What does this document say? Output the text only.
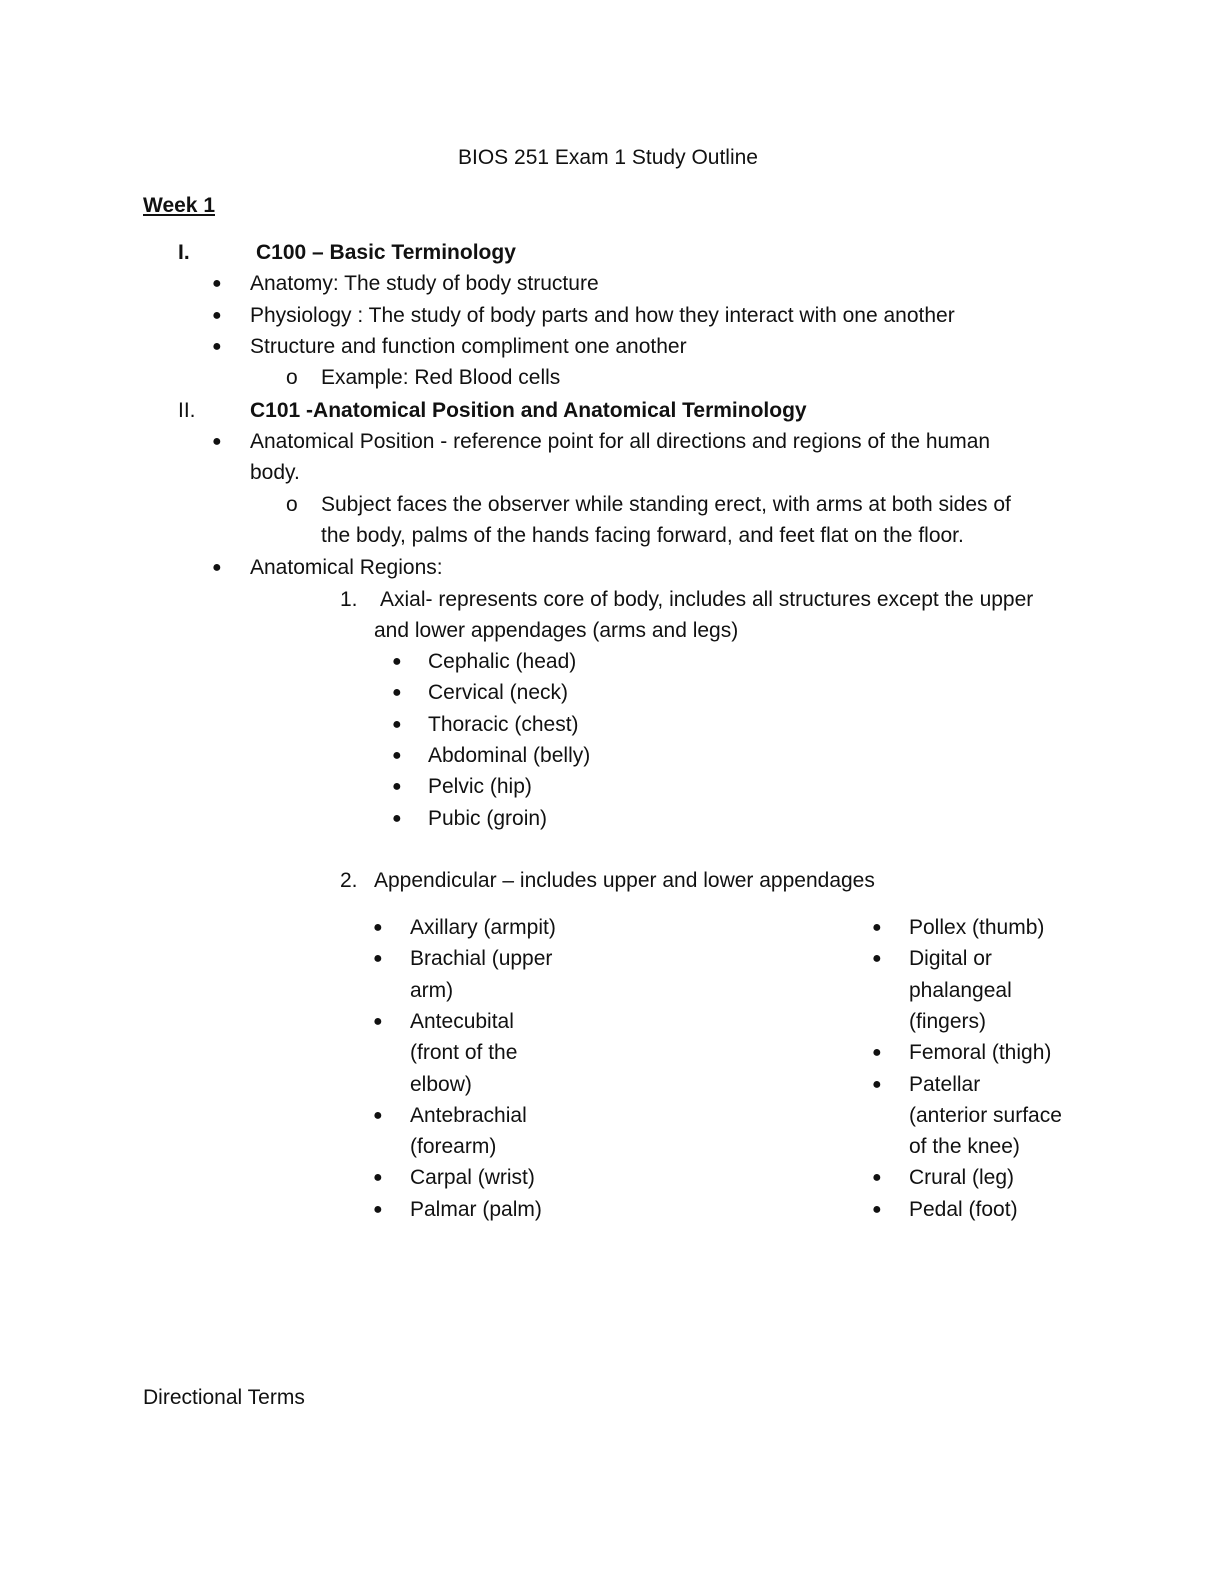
BIOS 251 Exam 1 Study Outline
Week 1
I.	C100 – Basic Terminology
● Anatomy: The study of body structure
● Physiology : The study of body parts and how they interact with one another
● Structure and function compliment one another
o Example: Red Blood cells
II.	C101 -Anatomical Position and Anatomical Terminology
● Anatomical Position - reference point for all directions and regions of the human
body.
o Subject faces the observer while standing erect, with arms at both sides of
the body, palms of the hands facing forward, and feet flat on the floor.
● Anatomical Regions:
1. Axial- represents core of body, includes all structures except the upper
and lower appendages (arms and legs)
● Cephalic (head)
● Cervical (neck)
● Thoracic (chest)
● Abdominal (belly)
● Pelvic (hip)
● Pubic (groin)
2. Appendicular – includes upper and lower appendages
● Axillary (armpit)
● Brachial (upper
arm)
● Antecubital
(front of the
elbow)
● Antebrachial
(forearm)
● Carpal (wrist)
● Palmar (palm)
● Pollex (thumb)
● Digital or
phalangeal
(fingers)
● Femoral (thigh)
● Patellar
(anterior surface
of the knee)
● Crural (leg)
● Pedal (foot)
Directional Terms
